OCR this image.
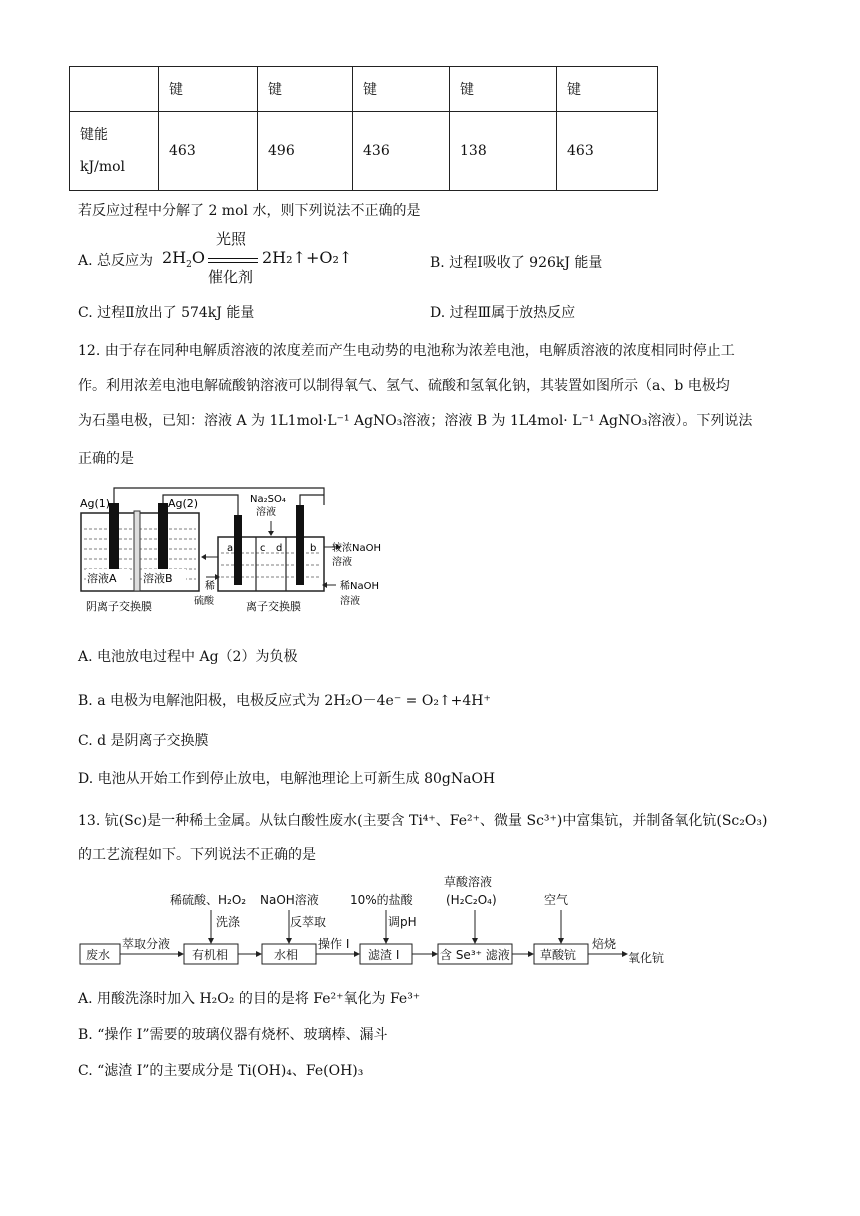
	键	键	键	键	键
键能
kJ/mol	463	496	436	138	463
若反应过程中分解了 2 mol 水，则下列说法不正确的是
A. 总反应为 $2H_2O$
光照
催化剂
2H₂↑+O₂↑	B. 过程Ⅰ吸收了 926kJ 能量
C. 过程Ⅱ放出了 574kJ 能量	D. 过程Ⅲ属于放热反应
12. 由于存在同种电解质溶液的浓度差而产生电动势的电池称为浓差电池，电解质溶液的浓度相同时停止工
作。利用浓差电池电解硫酸钠溶液可以制得氧气、氢气、硫酸和氢氧化钠，其装置如图所示（a、b 电极均
为石墨电极，已知：溶液 A 为 1L1mol·L⁻¹ AgNO₃溶液；溶液 B 为 1L4mol· L⁻¹ AgNO₃溶液）。下列说法
正确的是
Ag(1)	Ag(2)
溶液A 溶液B
阴离子交换膜
Na₂SO₄
溶液
a	c d	b 较浓NaOH
溶液
稀NaOH
溶液
稀
硫酸	离子交换膜
A. 电池放电过程中 Ag（2）为负极
B. a 电极为电解池阳极，电极反应式为 2H₂O－4e⁻ = O₂↑+4H⁺
C. d 是阴离子交换膜
D. 电池从开始工作到停止放电，电解池理论上可新生成 80gNaOH
13. 钪(Sc)是一种稀土金属。从钛白酸性废水(主要含 Ti⁴⁺、Fe²⁺、微量 Sc³⁺)中富集钪，并制备氧化钪(Sc₂O₃)
的工艺流程如下。下列说法不正确的是
废水	有机相	水相	滤渣 Ⅰ	含 Se³⁺ 滤液	草酸钪	氧化钪
萃取分液	操作 Ⅰ	焙烧
稀硫酸、H₂O₂
洗涤
NaOH溶液
反萃取
10%的盐酸
调pH
草酸溶液
(H₂C₂O₄)	空气
A. 用酸洗涤时加入 H₂O₂ 的目的是将 Fe²⁺氧化为 Fe³⁺
B. “操作 Ⅰ”需要的玻璃仪器有烧杯、玻璃棒、漏斗
C. “滤渣 Ⅰ”的主要成分是 Ti(OH)₄、Fe(OH)₃
